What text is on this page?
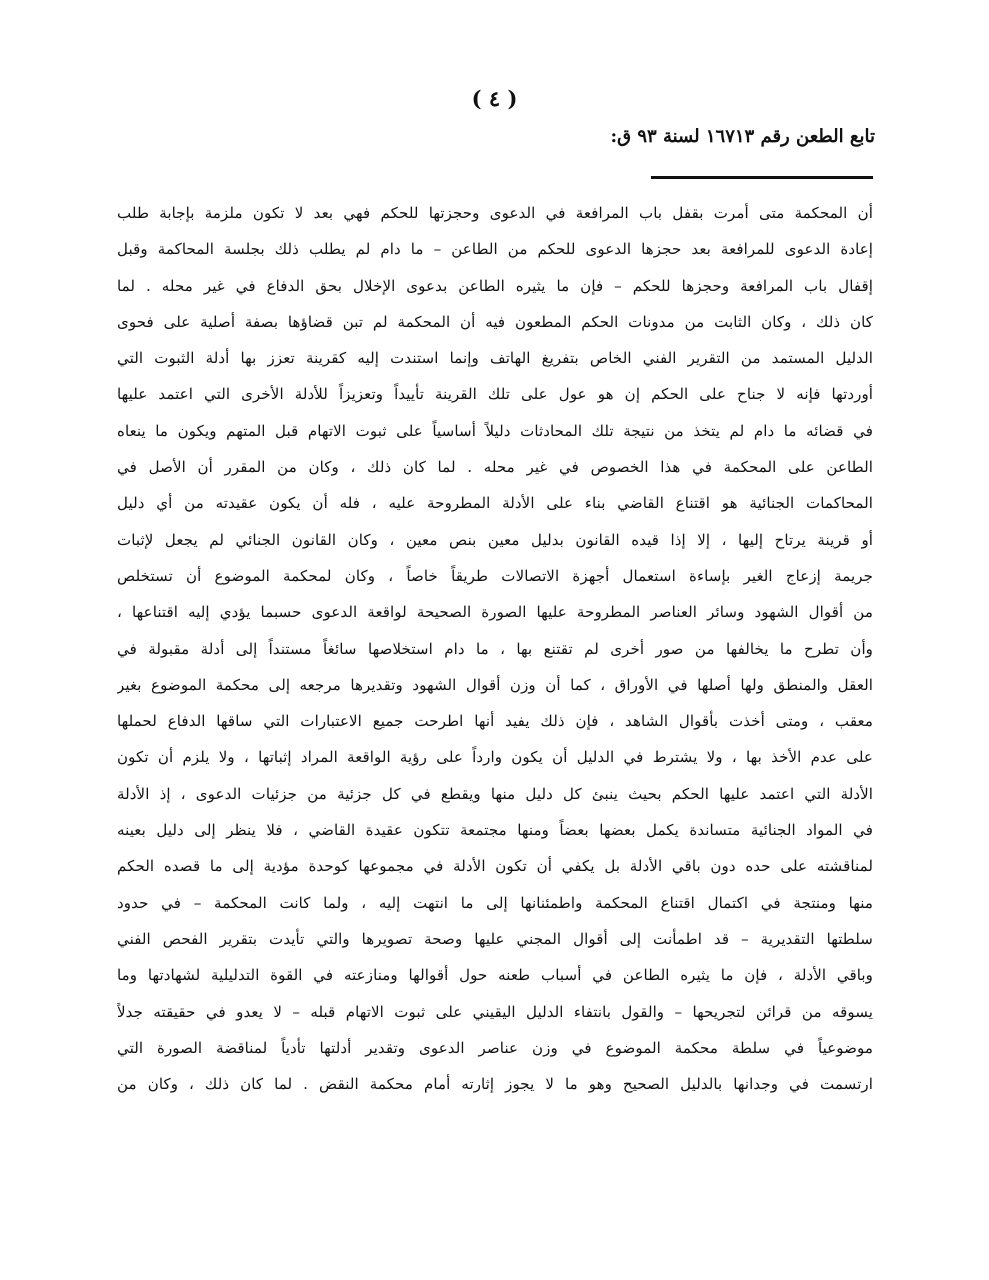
( ٤ )
تابع الطعن رقم ١٦٧١٣ لسنة ٩٣ ق:
أن المحكمة متى أمرت بقفل باب المرافعة في الدعوى وحجزتها للحكم فهي بعد لا تكون ملزمة بإجابة طلب
إعادة الدعوى للمرافعة بعد حجزها الدعوى للحكم من الطاعن – ما دام لم يطلب ذلك بجلسة المحاكمة وقبل
إقفال باب المرافعة وحجزها للحكم – فإن ما يثيره الطاعن بدعوى الإخلال بحق الدفاع في غير محله . لما
كان ذلك ، وكان الثابت من مدونات الحكم المطعون فيه أن المحكمة لم تبن قضاؤها بصفة أصلية على فحوى
الدليل المستمد من التقرير الفني الخاص بتفريغ الهاتف وإنما استندت إليه كقرينة تعزز بها أدلة الثبوت التي
أوردتها فإنه لا جناح على الحكم إن هو عول على تلك القرينة تأييداً وتعزيزاً للأدلة الأخرى التي اعتمد عليها
في قضائه ما دام لم يتخذ من نتيجة تلك المحادثات دليلاً أساسياً على ثبوت الاتهام قبل المتهم ويكون ما ينعاه
الطاعن على المحكمة في هذا الخصوص في غير محله . لما كان ذلك ، وكان من المقرر أن الأصل في
المحاكمات الجنائية هو اقتناع القاضي بناء على الأدلة المطروحة عليه ، فله أن يكون عقيدته من أي دليل
أو قرينة يرتاح إليها ، إلا إذا قيده القانون بدليل معين بنص معين ، وكان القانون الجنائي لم يجعل لإثبات
جريمة إزعاج الغير بإساءة استعمال أجهزة الاتصالات طريقاً خاصاً ، وكان لمحكمة الموضوع أن تستخلص
من أقوال الشهود وسائر العناصر المطروحة عليها الصورة الصحيحة لواقعة الدعوى حسبما يؤدي إليه اقتناعها ،
وأن تطرح ما يخالفها من صور أخرى لم تقتنع بها ، ما دام استخلاصها سائغاً مستنداً إلى أدلة مقبولة في
العقل والمنطق ولها أصلها في الأوراق ، كما أن وزن أقوال الشهود وتقديرها مرجعه إلى محكمة الموضوع بغير
معقب ، ومتى أخذت بأقوال الشاهد ، فإن ذلك يفيد أنها اطرحت جميع الاعتبارات التي ساقها الدفاع لحملها
على عدم الأخذ بها ، ولا يشترط في الدليل أن يكون وارداً على رؤية الواقعة المراد إثباتها ، ولا يلزم أن تكون
الأدلة التي اعتمد عليها الحكم بحيث ينبئ كل دليل منها ويقطع في كل جزئية من جزئيات الدعوى ، إذ الأدلة
في المواد الجنائية متساندة يكمل بعضها بعضاً ومنها مجتمعة تتكون عقيدة القاضي ، فلا ينظر إلى دليل بعينه
لمناقشته على حده دون باقي الأدلة بل يكفي أن تكون الأدلة في مجموعها كوحدة مؤدية إلى ما قصده الحكم
منها ومنتجة في اكتمال اقتناع المحكمة واطمئنانها إلى ما انتهت إليه ، ولما كانت المحكمة – في حدود
سلطتها التقديرية – قد اطمأنت إلى أقوال المجني عليها وصحة تصويرها والتي تأيدت بتقرير الفحص الفني
وباقي الأدلة ، فإن ما يثيره الطاعن في أسباب طعنه حول أقوالها ومنازعته في القوة التدليلية لشهادتها وما
يسوقه من قرائن لتجريحها – والقول بانتفاء الدليل اليقيني على ثبوت الاتهام قبله – لا يعدو في حقيقته جدلاً
موضوعياً في سلطة محكمة الموضوع في وزن عناصر الدعوى وتقدير أدلتها تأدياً لمناقضة الصورة التي
ارتسمت في وجدانها بالدليل الصحيح وهو ما لا يجوز إثارته أمام محكمة النقض . لما كان ذلك ، وكان من
